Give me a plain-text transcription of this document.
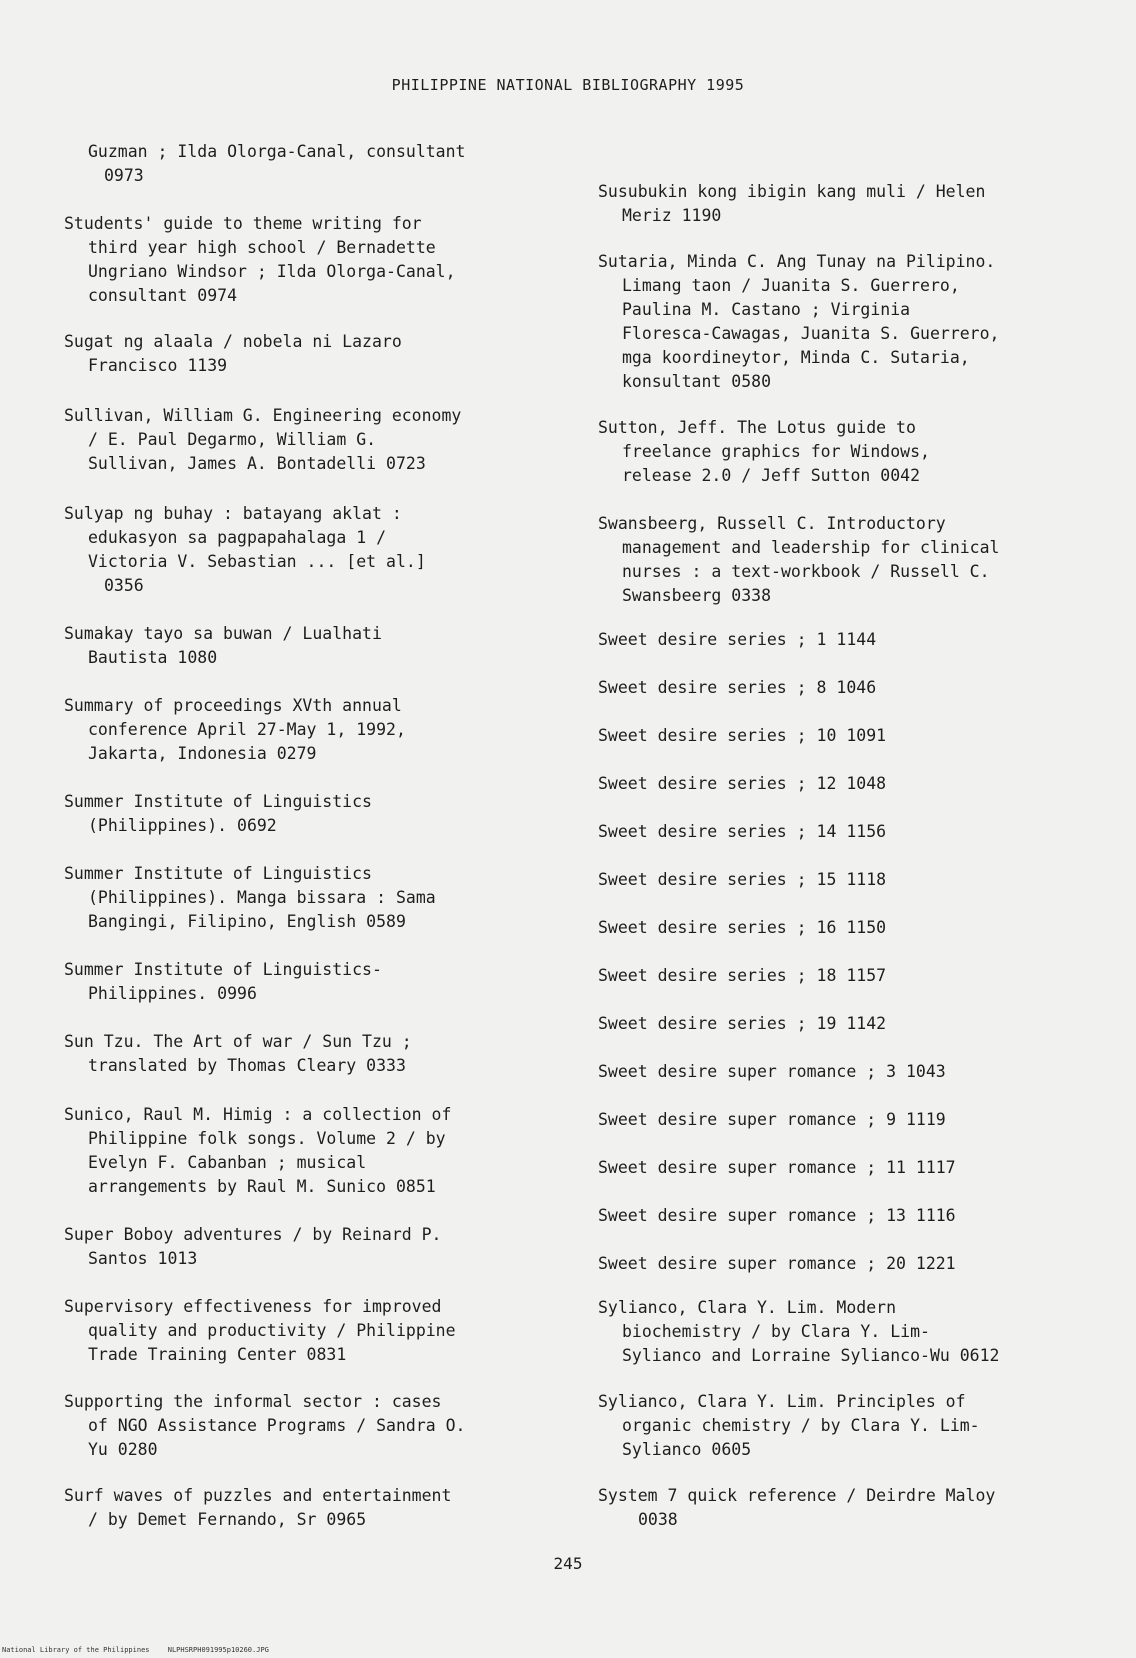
PHILIPPINE NATIONAL BIBLIOGRAPHY 1995
Guzman ; Ilda Olorga-Canal, consultant
0973
Students' guide to theme writing for
third year high school / Bernadette
Ungriano Windsor ; Ilda Olorga-Canal,
consultant 0974
Sugat ng alaala / nobela ni Lazaro
Francisco 1139
Sullivan, William G. Engineering economy
/ E. Paul Degarmo, William G.
Sullivan, James A. Bontadelli 0723
Sulyap ng buhay : batayang aklat :
edukasyon sa pagpapahalaga 1 /
Victoria V. Sebastian ... [et al.]
0356
Sumakay tayo sa buwan / Lualhati
Bautista 1080
Summary of proceedings XVth annual
conference April 27-May 1, 1992,
Jakarta, Indonesia 0279
Summer Institute of Linguistics
(Philippines). 0692
Summer Institute of Linguistics
(Philippines). Manga bissara : Sama
Bangingi, Filipino, English 0589
Summer Institute of Linguistics-
Philippines. 0996
Sun Tzu. The Art of war / Sun Tzu ;
translated by Thomas Cleary 0333
Sunico, Raul M. Himig : a collection of
Philippine folk songs. Volume 2 / by
Evelyn F. Cabanban ; musical
arrangements by Raul M. Sunico 0851
Super Boboy adventures / by Reinard P.
Santos 1013
Supervisory effectiveness for improved
quality and productivity / Philippine
Trade Training Center 0831
Supporting the informal sector : cases
of NGO Assistance Programs / Sandra O.
Yu 0280
Surf waves of puzzles and entertainment
/ by Demet Fernando, Sr 0965
Susubukin kong ibigin kang muli / Helen
Meriz 1190
Sutaria, Minda C. Ang Tunay na Pilipino.
Limang taon / Juanita S. Guerrero,
Paulina M. Castano ; Virginia
Floresca-Cawagas, Juanita S. Guerrero,
mga koordineytor, Minda C. Sutaria,
konsultant 0580
Sutton, Jeff. The Lotus guide to
freelance graphics for Windows,
release 2.0 / Jeff Sutton 0042
Swansbeerg, Russell C. Introductory
management and leadership for clinical
nurses : a text-workbook / Russell C.
Swansbeerg 0338
Sweet desire series ; 1 1144
Sweet desire series ; 8 1046
Sweet desire series ; 10 1091
Sweet desire series ; 12 1048
Sweet desire series ; 14 1156
Sweet desire series ; 15 1118
Sweet desire series ; 16 1150
Sweet desire series ; 18 1157
Sweet desire series ; 19 1142
Sweet desire super romance ; 3 1043
Sweet desire super romance ; 9 1119
Sweet desire super romance ; 11 1117
Sweet desire super romance ; 13 1116
Sweet desire super romance ; 20 1221
Sylianco, Clara Y. Lim. Modern
biochemistry / by Clara Y. Lim-
Sylianco and Lorraine Sylianco-Wu 0612
Sylianco, Clara Y. Lim. Principles of
organic chemistry / by Clara Y. Lim-
Sylianco 0605
System 7 quick reference / Deirdre Maloy
0038
245
National Library of the Philippines	NLPHSRPH091995p10260.JPG
